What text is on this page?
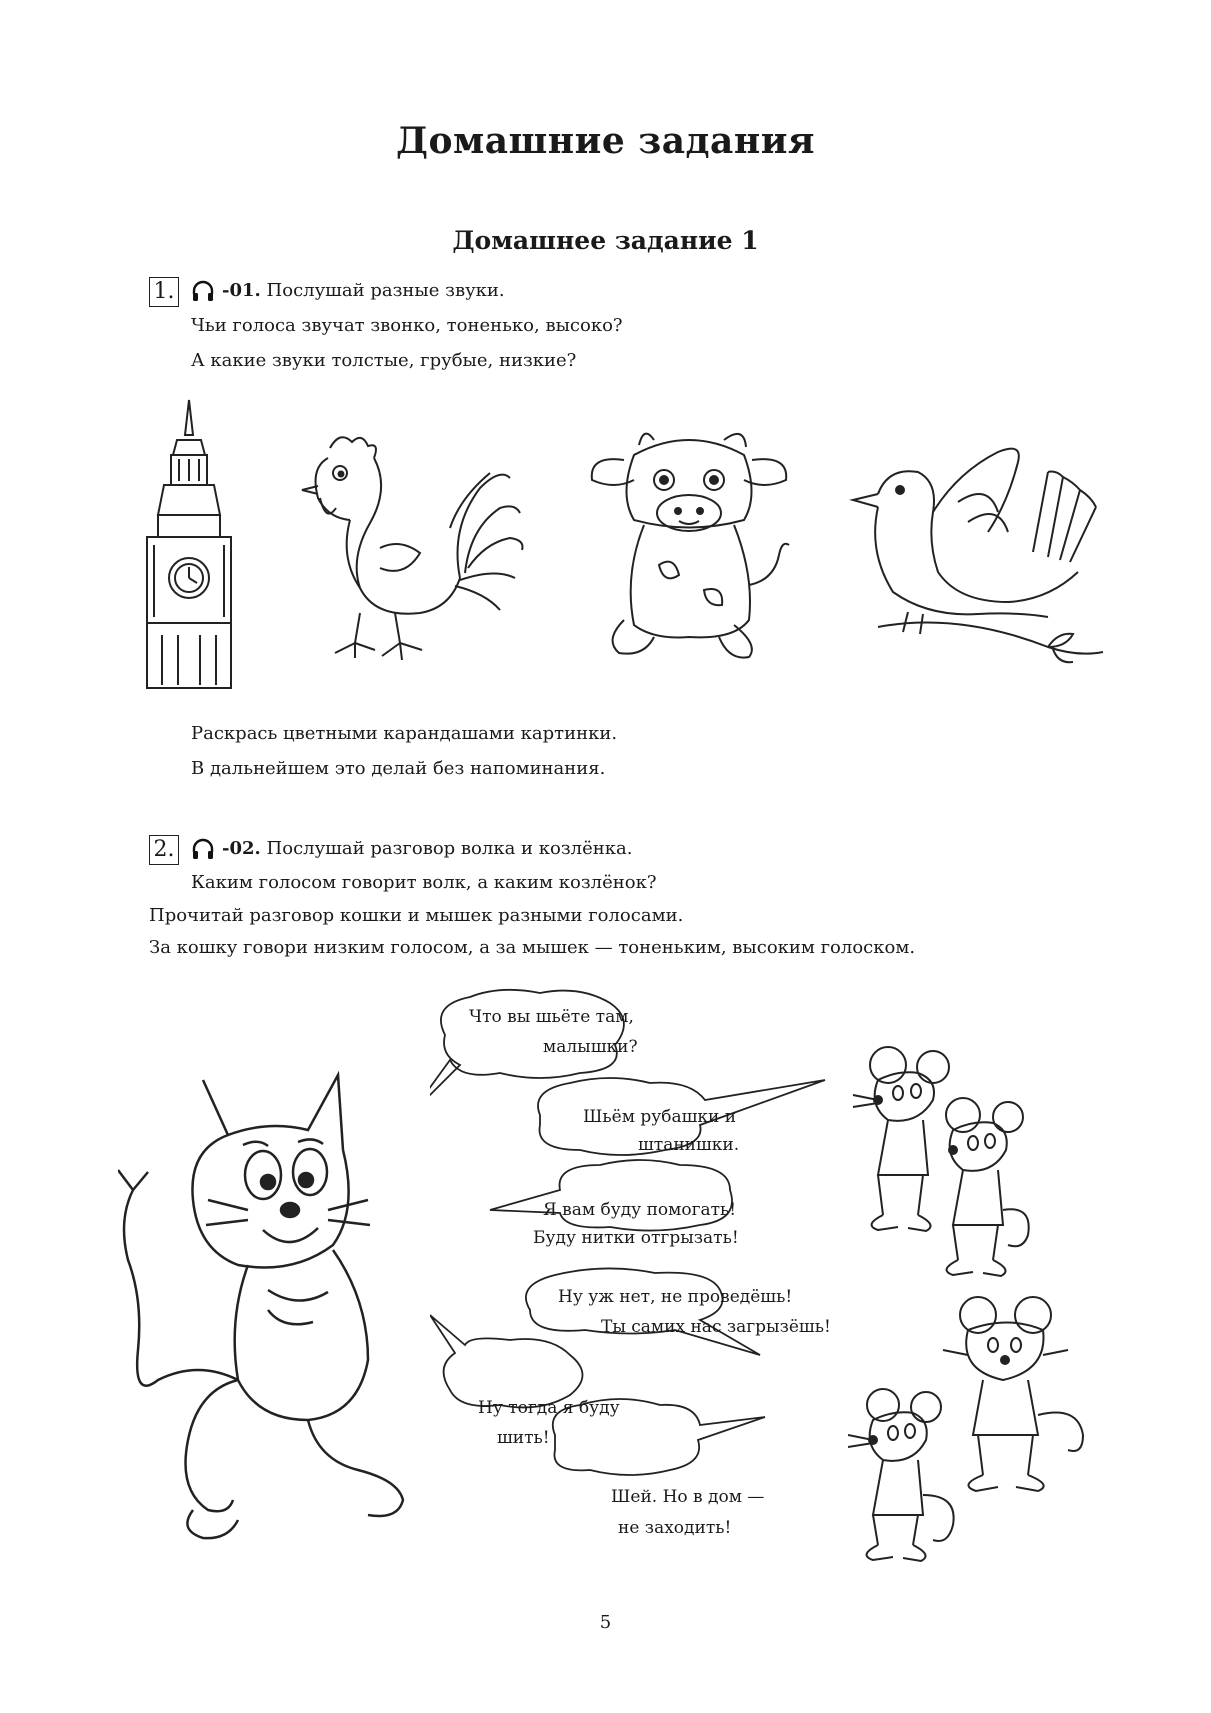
Домашние задания
Домашнее задание 1
1.	-01. Послушай разные звуки.
Чьи голоса звучат звонко, тоненько, высоко?
А какие звуки толстые, грубые, низкие?
Раскрась цветными карандашами картинки.
В дальнейшем это делай без напоминания.
2.	-02. Послушай разговор волка и козлёнка.
Каким голосом говорит волк, а каким козлёнок?
Прочитай разговор кошки и мышек разными голосами.
За кошку говори низким голосом, а за мышек — тоненьким, высоким голоском.
Что вы шьёте там,
малышки?
Шьём рубашки и
штанишки.
Я вам буду помогать!
Буду нитки отгрызать!
Ну уж нет, не проведёшь!
Ты самих нас загрызёшь!
Ну тогда я буду
шить!
Шей. Но в дом —
не заходить!
5
